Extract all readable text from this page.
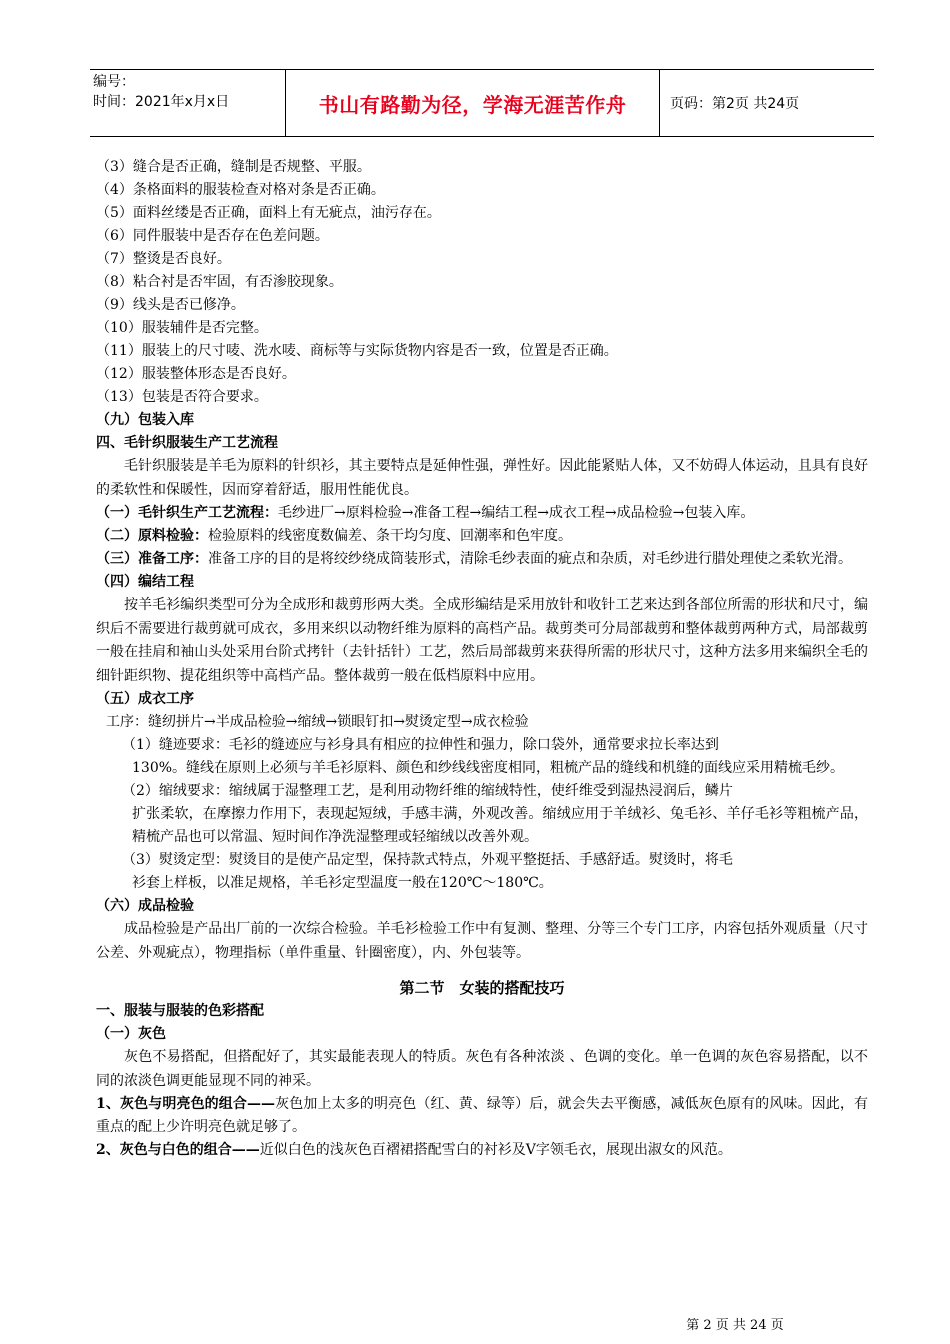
编号：
时间：2021年x月x日	书山有路勤为径，学海无涯苦作舟	页码：第2页 共24页
（3）缝合是否正确，缝制是否规整、平服。
（4）条格面料的服装检查对格对条是否正确。
（5）面料丝缕是否正确，面料上有无疵点，油污存在。
（6）同件服装中是否存在色差问题。
（7）整烫是否良好。
（8）粘合衬是否牢固，有否渗胶现象。
（9）线头是否已修净。
（10）服装辅件是否完整。
（11）服装上的尺寸唛、洗水唛、商标等与实际货物内容是否一致，位置是否正确。
（12）服装整体形态是否良好。
（13）包装是否符合要求。
（九）包装入库
四、毛针织服装生产工艺流程
毛针织服装是羊毛为原料的针织衫，其主要特点是延伸性强，弹性好。因此能紧贴人体，又不妨碍人体运动，且具有良好的柔软性和保暖性，因而穿着舒适，服用性能优良。
（一）毛针织生产工艺流程：毛纱进厂→原料检验→准备工程→编结工程→成衣工程→成品检验→包装入库。
（二）原料检验：检验原料的线密度数偏差、条干均匀度、回潮率和色牢度。
（三）准备工序：准备工序的目的是将绞纱绕成筒装形式，清除毛纱表面的疵点和杂质，对毛纱进行腊处理使之柔软光滑。
（四）编结工程
按羊毛衫编织类型可分为全成形和裁剪形两大类。全成形编结是采用放针和收针工艺来达到各部位所需的形状和尺寸，编织后不需要进行裁剪就可成衣，多用来织以动物纤维为原料的高档产品。裁剪类可分局部裁剪和整体裁剪两种方式，局部裁剪一般在挂肩和袖山头处采用台阶式拷针（去针括针）工艺，然后局部裁剪来获得所需的形状尺寸，这种方法多用来编织全毛的细针距织物、提花组织等中高档产品。整体裁剪一般在低档原料中应用。
（五）成衣工序
工序：缝纫拼片→半成品检验→缩绒→锁眼钉扣→熨烫定型→成衣检验
（1）缝迹要求：毛衫的缝迹应与衫身具有相应的拉伸性和强力，除口袋外，通常要求拉长率达到
130%。缝线在原则上必须与羊毛衫原料、颜色和纱线线密度相同，粗梳产品的缝线和机缝的面线应采用精梳毛纱。
（2）缩绒要求：缩绒属于湿整理工艺，是利用动物纤维的缩绒特性，使纤维受到湿热浸润后，鳞片
扩张柔软，在摩擦力作用下，表现起短绒，手感丰满，外观改善。缩绒应用于羊绒衫、兔毛衫、羊仔毛衫等粗梳产品，精梳产品也可以常温、短时间作净洗湿整理或轻缩绒以改善外观。
（3）熨烫定型：熨烫目的是使产品定型，保持款式特点，外观平整挺括、手感舒适。熨烫时，将毛
衫套上样板，以准足规格，羊毛衫定型温度一般在120℃～180℃。
（六）成品检验
成品检验是产品出厂前的一次综合检验。羊毛衫检验工作中有复测、整理、分等三个专门工序，内容包括外观质量（尺寸公差、外观疵点），物理指标（单件重量、针圈密度），内、外包装等。
第二节　女装的搭配技巧
一、服装与服装的色彩搭配
（一）灰色
灰色不易搭配，但搭配好了，其实最能表现人的特质。灰色有各种浓淡 、色调的变化。单一色调的灰色容易搭配，以不同的浓淡色调更能显现不同的神采。
1、灰色与明亮色的组合——灰色加上太多的明亮色（红、黄、绿等）后，就会失去平衡感，减低灰色原有的风味。因此，有重点的配上少许明亮色就足够了。
2、灰色与白色的组合——近似白色的浅灰色百褶裙搭配雪白的衬衫及V字领毛衣，展现出淑女的风范。
第 2 页 共 24 页
